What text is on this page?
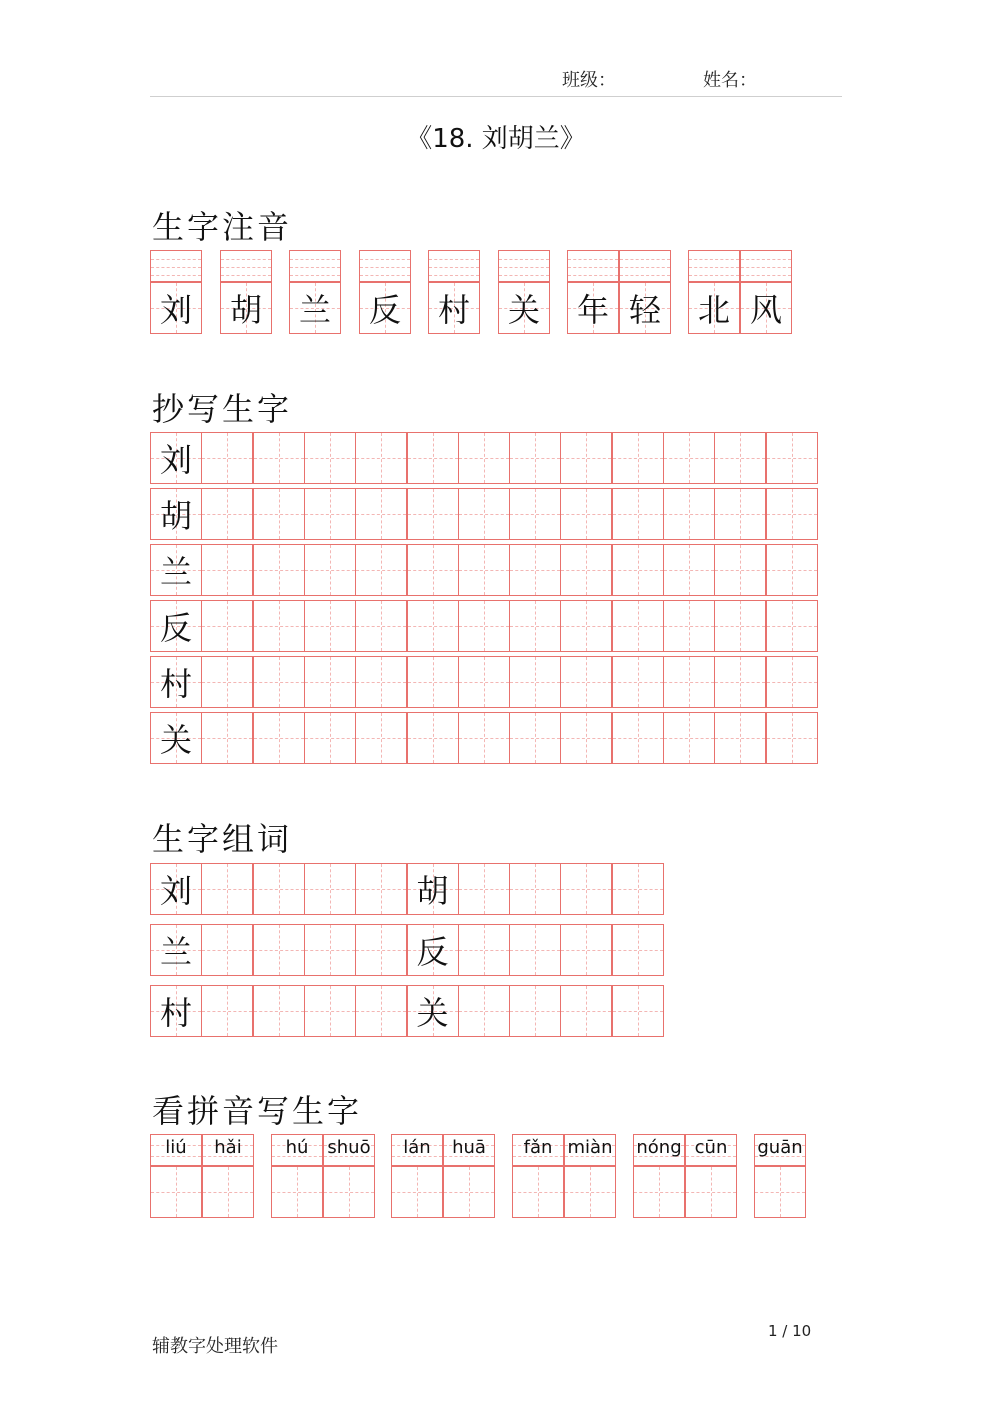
班级：	姓名：
《18. 刘胡兰》
生字注音
抄写生字
生字组词
看拼音写生字
辅教字处理软件
1 / 10
刘 胡 兰 反 村 关 年 轻 北 风
刘
胡
兰
反
村
关
刘	胡
兰	反
村	关
liú	hǎi	hú	shuō	lán	huā	fǎn miàn nóng cūn	guān
